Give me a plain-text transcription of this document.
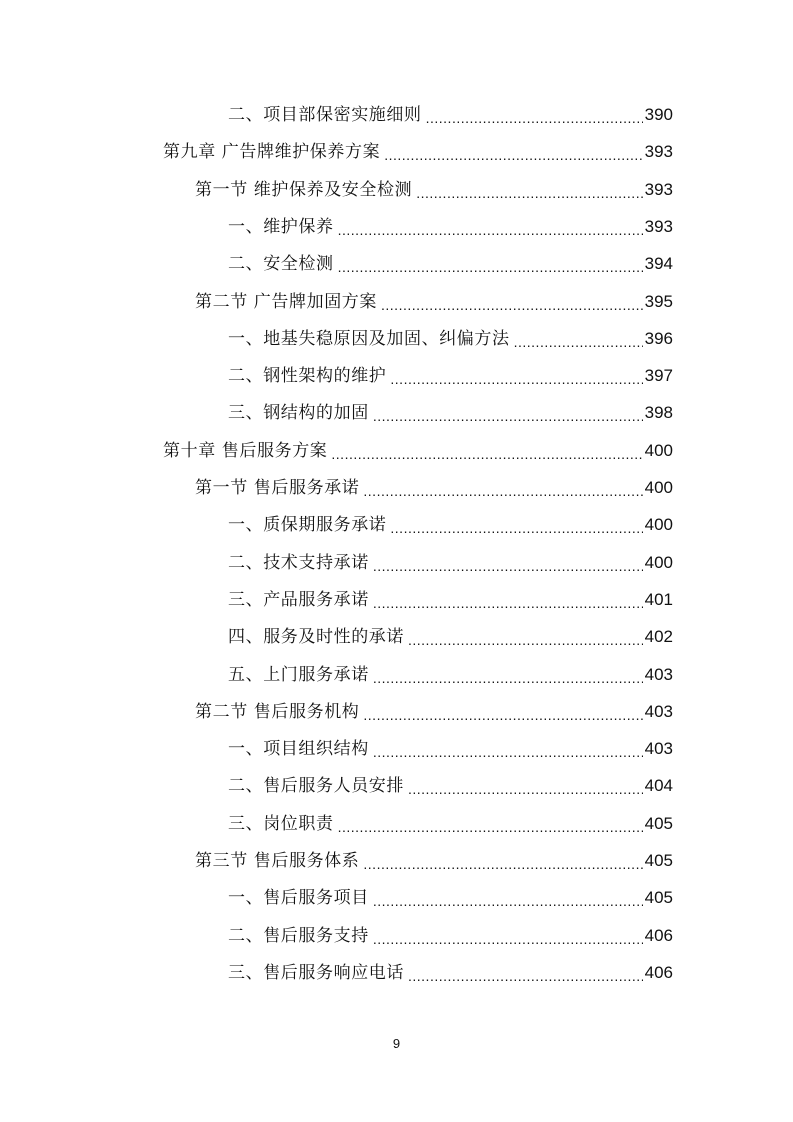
二、项目部保密实施细则 .....	390
第九章 广告牌维护保养方案 .....	393
第一节 维护保养及安全检测 .....	393
一、维护保养 .....	393
二、安全检测 .....	394
第二节 广告牌加固方案 .....	395
一、地基失稳原因及加固、纠偏方法 .....	396
二、钢性架构的维护 .....	397
三、钢结构的加固 .....	398
第十章 售后服务方案 .....	400
第一节 售后服务承诺 .....	400
一、质保期服务承诺 .....	400
二、技术支持承诺 .....	400
三、产品服务承诺 .....	401
四、服务及时性的承诺 .....	402
五、上门服务承诺 .....	403
第二节 售后服务机构 .....	403
一、项目组织结构 .....	403
二、售后服务人员安排 .....	404
三、岗位职责 .....	405
第三节 售后服务体系 .....	405
一、售后服务项目 .....	405
二、售后服务支持 .....	406
三、售后服务响应电话 .....	406
9
